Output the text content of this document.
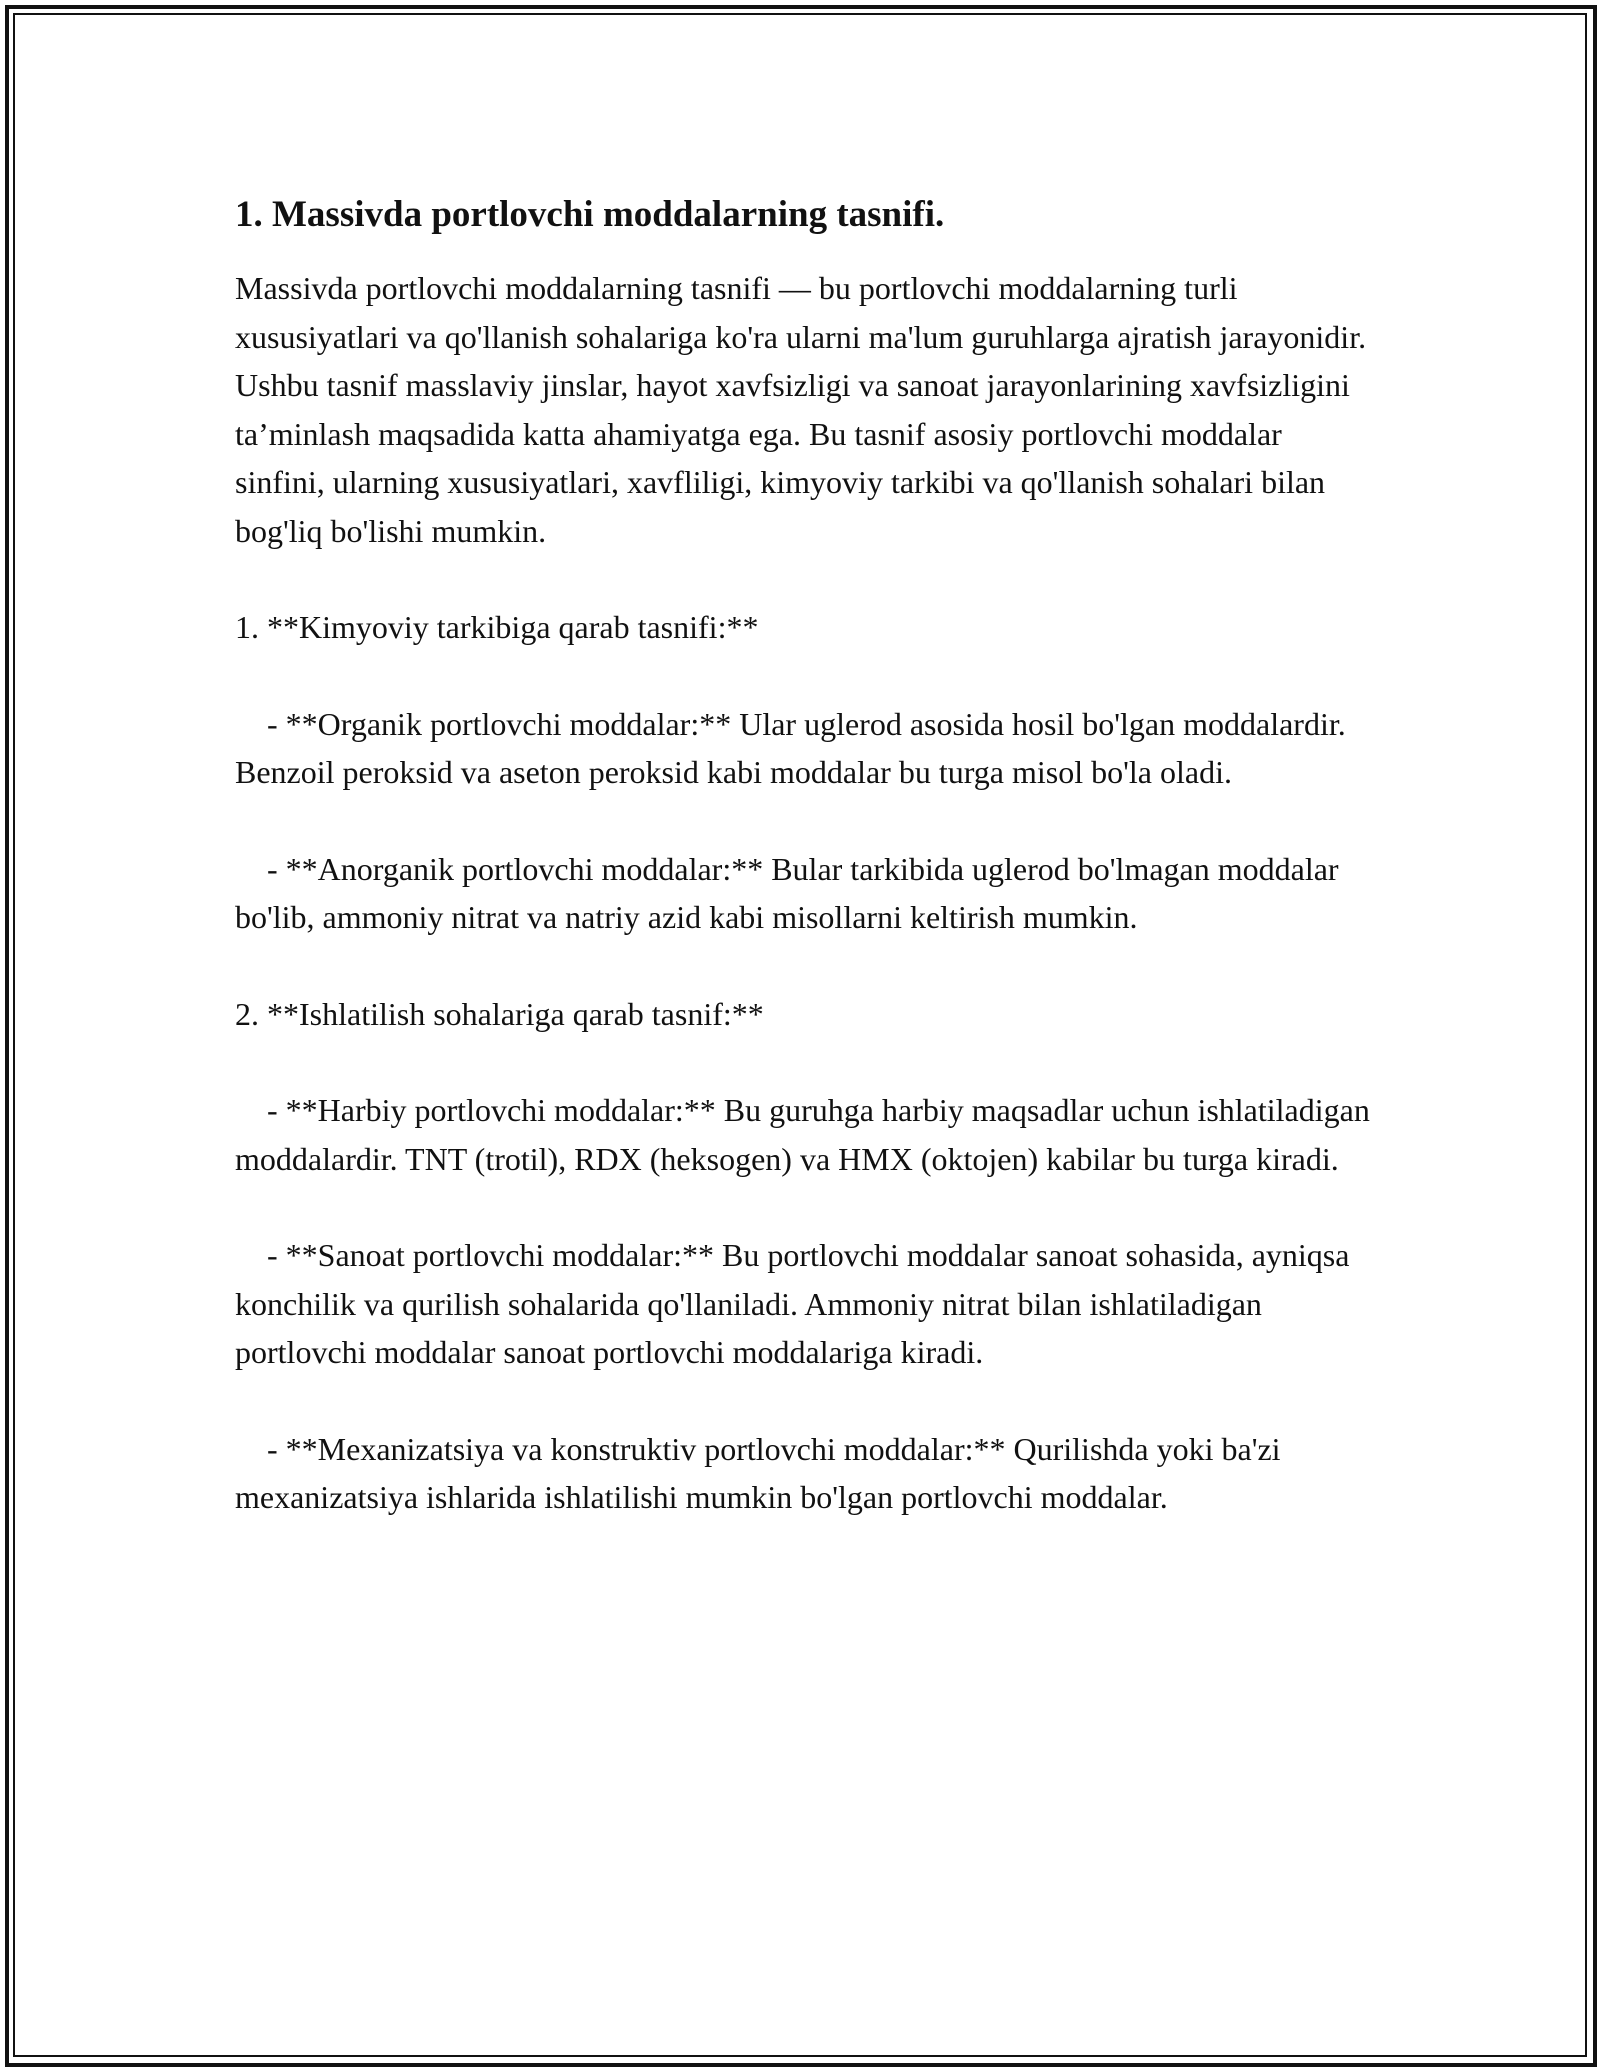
1. Massivda portlovchi moddalarning tasnifi.

Massivda portlovchi moddalarning tasnifi — bu portlovchi moddalarning turli xususiyatlari va qo'llanish sohalariga ko'ra ularni ma'lum guruhlarga ajratish jarayonidir. Ushbu tasnif masslaviy jinslar, hayot xavfsizligi va sanoat jarayonlarining xavfsizligini ta’minlash maqsadida katta ahamiyatga ega. Bu tasnif asosiy portlovchi moddalar sinfini, ularning xususiyatlari, xavfliligi, kimyoviy tarkibi va qo'llanish sohalari bilan bog'liq bo'lishi mumkin.

1. **Kimyoviy tarkibiga qarab tasnifi:**

- **Organik portlovchi moddalar:** Ular uglerod asosida hosil bo'lgan moddalardir. Benzoil peroksid va aseton peroksid kabi moddalar bu turga misol bo'la oladi.

- **Anorganik portlovchi moddalar:** Bular tarkibida uglerod bo'lmagan moddalar bo'lib, ammoniy nitrat va natriy azid kabi misollarni keltirish mumkin.

2. **Ishlatilish sohalariga qarab tasnif:**

- **Harbiy portlovchi moddalar:** Bu guruhga harbiy maqsadlar uchun ishlatiladigan moddalardir. TNT (trotil), RDX (heksogen) va HMX (oktojen) kabilar bu turga kiradi.

- **Sanoat portlovchi moddalar:** Bu portlovchi moddalar sanoat sohasida, ayniqsa konchilik va qurilish sohalarida qo'llaniladi. Ammoniy nitrat bilan ishlatiladigan portlovchi moddalar sanoat portlovchi moddalariga kiradi.

- **Mexanizatsiya va konstruktiv portlovchi moddalar:** Qurilishda yoki ba'zi mexanizatsiya ishlarida ishlatilishi mumkin bo'lgan portlovchi moddalar.
